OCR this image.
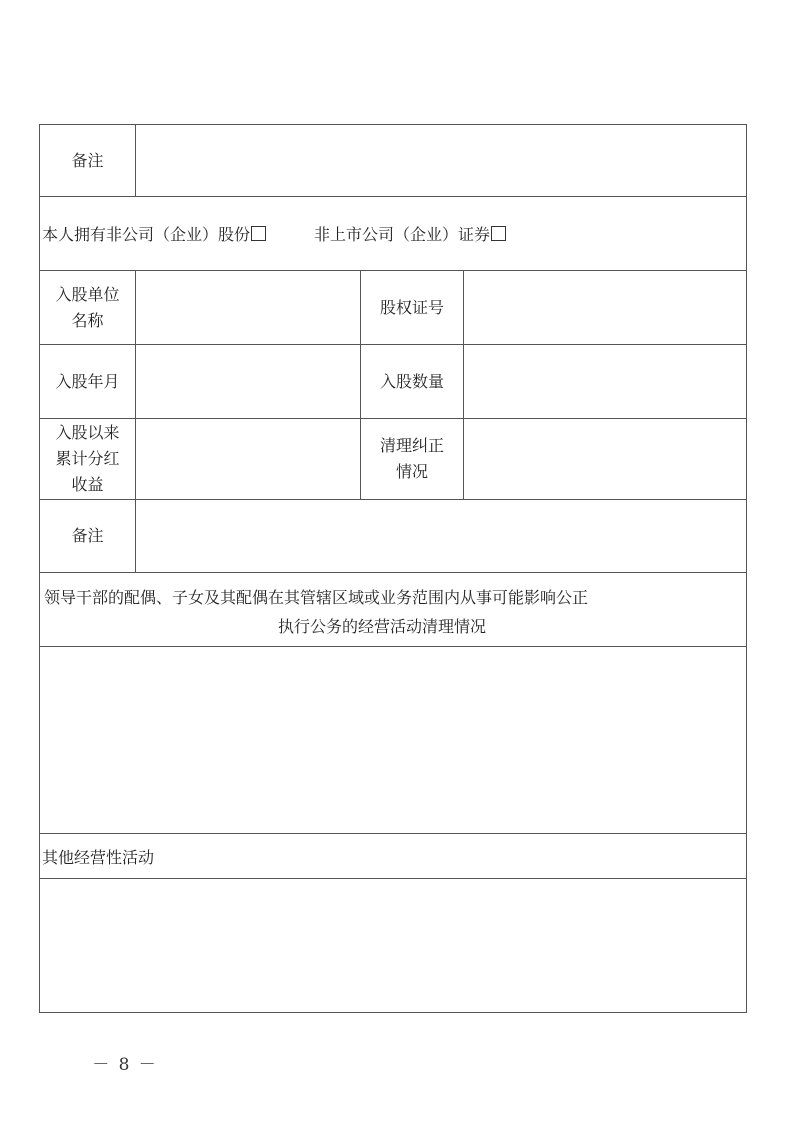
备注
本人拥有非公司（企业）股份	非上市公司（企业）证券
入股单位
名称
股权证号
入股年月	入股数量
入股以来
累计分红
收益
清理纠正
情况
备注
领导干部的配偶、子女及其配偶在其管辖区域或业务范围内从事可能影响公正
执行公务的经营活动清理情况
其他经营性活动
－ 8 －
